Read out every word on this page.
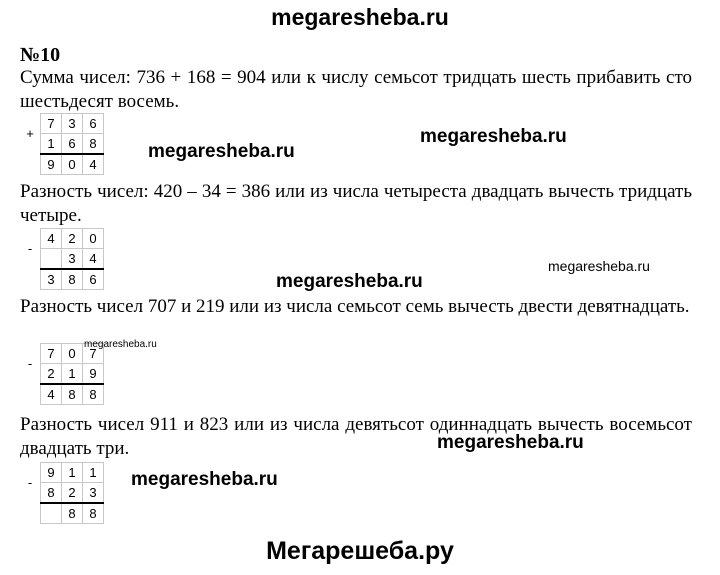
megaresheba.ru
№10

Сумма чисел: 736 + 168 = 904 или к числу семьсот тридцать шесть прибавить сто шестьдесят восемь.

+	7	3	6
	1	6	8
	9	0	4

Разность чисел: 420 – 34 = 386 или из числа четыреста двадцать вычесть тридцать четыре.

-	4	2	0
		3	4
	3	8	6

Разность чисел 707 и 219 или из числа семьсот семь вычесть двести девятнадцать.

-	7	0	7
	2	1	9
	4	8	8

Разность чисел 911 и 823 или из числа девятьсот одиннадцать вычесть восемьсот двадцать три.

-	9	1	1
	8	2	3
		8	8
megaresheba.ru
megaresheba.ru
megaresheba.ru
megaresheba.ru
megaresheba.ru
megaresheba.ru
megaresheba.ru
Мегарешеба.ру
